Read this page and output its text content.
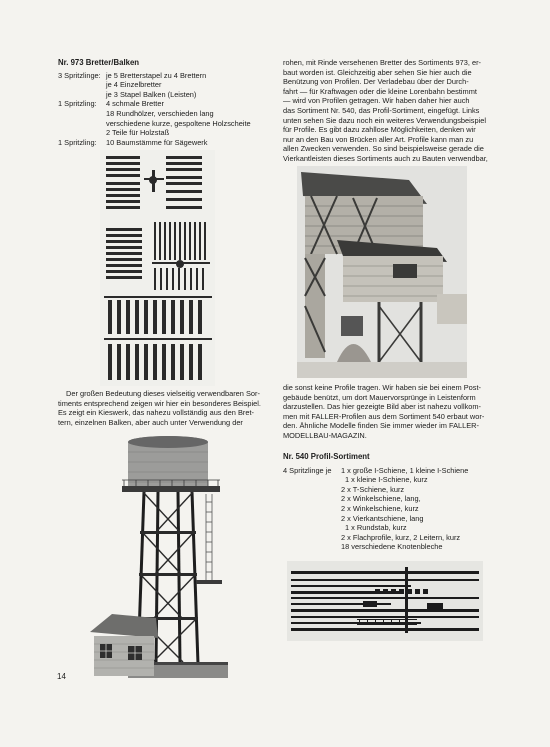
Nr. 973 Bretter/Balken
3 Spritzlinge: je 5 Bretterstapel zu 4 Brettern
je 4 Einzelbretter
je 3 Stapel Balken (Leisten)
1 Spritzling:	4 schmale Bretter
18 Rundhölzer, verschieden lang
verschiedene kurze, gespoltene Holzscheite
2 Teile für Holzstaß
1 Spritzling:	10 Baumstämme für Sägewerk
Der großen Bedeutung dieses vielseitig verwendbaren Sor-
timents entsprechend zeigen wir hier ein besonderes Beispiel.
Es zeigt ein Kieswerk, das nahezu vollständig aus den Bret-
tern, einzelnen Balken, aber auch unter Verwendung der
14
rohen, mit Rinde versehenen Bretter des Sortiments 973, er-
baut worden ist. Gleichzeitig aber sehen Sie hier auch die
Benützung von Profilen. Der Verladebau über der Durch-
fahrt — für Kraftwagen oder die kleine Lorenbahn bestimmt
— wird von Profilen getragen. Wir haben daher hier auch
das Sortiment Nr. 540, das Profil-Sortiment, eingefügt. Links
unten sehen Sie dazu noch ein weiteres Verwendungsbeispiel
für Profile. Es gibt dazu zahllose Möglichkeiten, denken wir
nur an den Bau von Brücken aller Art. Profile kann man zu
allen Zwecken verwenden. So sind beispielsweise gerade die
Vierkantleisten dieses Sortiments auch zu Bauten verwendbar,
die sonst keine Profile tragen. Wir haben sie bei einem Post-
gebäude benützt, um dort Mauervorsprünge in Leistenform
darzustellen. Das hier gezeigte Bild aber ist nahezu vollkom-
men mit FALLER-Profilen aus dem Sortiment 540 erbaut wor-
den. Ähnliche Modelle finden Sie immer wieder im FALLER-
MODELLBAU-MAGAZIN.
Nr. 540 Profil-Sortiment
4 Spritzlinge je	1 x große I-Schiene, 1 kleine I-Schiene
1 x kleine I-Schiene, kurz
2 x T-Schiene, kurz
2 x Winkelschiene, lang,
2 x Winkelschiene, kurz
2 x Vierkantschiene, lang
1 x Rundstab, kurz
2 x Flachprofile, kurz, 2 Leitern, kurz
18 verschiedene Knotenbleche
